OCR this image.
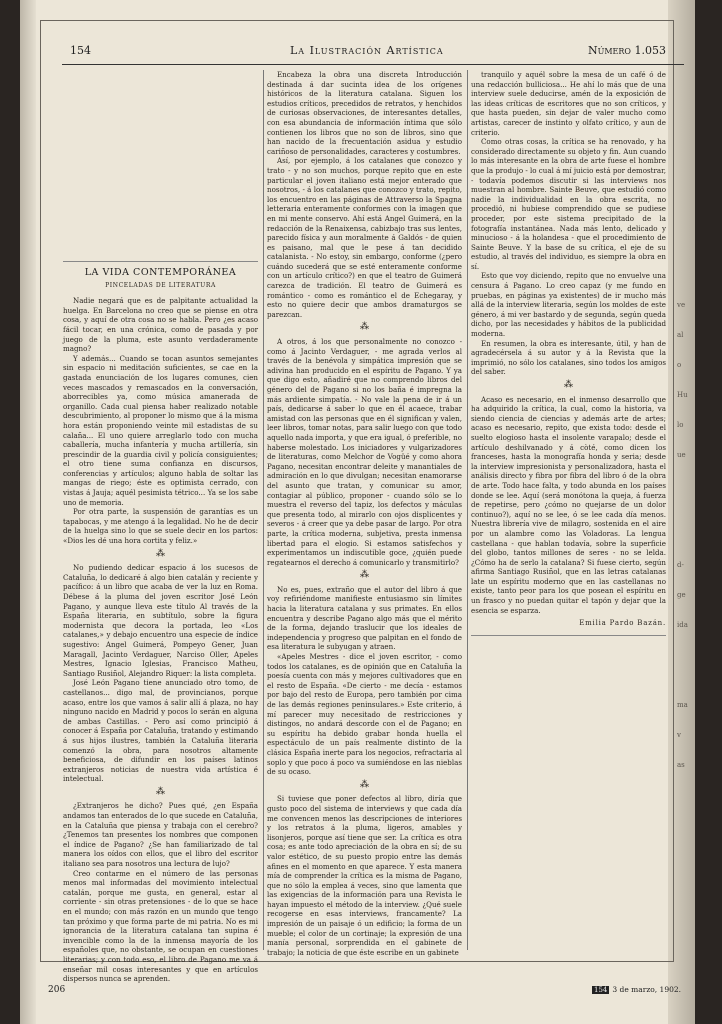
ve
al
o
Hu
lo
ue
d-
ge
ida
ma
v
as
154	La Ilustración Artística	Número 1.053
LA VIDA CONTEMPORÁNEA
PINCELADAS DE LITERATURA

Nadie negará que es de palpitante actualidad la huelga. En Barcelona no creo que se piense en otra cosa, y aquí de otra cosa no se habla. Pero ¿es acaso fácil tocar, en una crónica, como de pasada y por juego de la pluma, este asunto verdaderamente magno?

Y además... Cuando se tocan asuntos semejantes sin espacio ni meditación suficientes, se cae en la gastada enunciación de los lugares comunes, cien veces mascados y remascados en la conversación, aborrecibles ya, como música amanerada de organillo. Cada cual piensa haber realizado notable descubrimiento, al proponer lo mismo que á la misma hora están proponiendo veinte mil estadistas de su calaña... El uno quiere arreglarlo todo con mucha caballería, mucha infantería y mucha artillería, sin prescindir de la guardia civil y policía consiguientes; el otro tiene suma confianza en discursos, conferencias y artículos; alguno habla de soltar las mangas de riego; éste es optimista cerrado, con vistas á Jauja; aquél pesimista tétrico... Ya se los sabe uno de memoria.

Por otra parte, la suspensión de garantías es un tapabocas, y me atengo á la legalidad. No he de decir de la huelga sino lo que se suele decir en los partos: «Dios les dé una hora cortita y feliz.»

⁂

No pudiendo dedicar espacio á los sucesos de Cataluña, lo dedicaré á algo bien catalán y reciente y pacífico: á un libro que acaba de ver la luz en Roma. Débese á la pluma del joven escritor José León Pagano, y aunque lleva este título Al través de la España literaria, en subtítulo, sobre la figura modernista que decora la portada, leo «Los catalanes,» y debajo encuentro una especie de índice sugestivo: Angel Guimerá, Pompeyo Gener, Juan Maragall, Jacinto Verdaguer, Narciso Oller, Apeles Mestres, Ignacio Iglesias, Francisco Matheu, Santiago Rusiñol, Alejandro Riquer: la lista completa.

José León Pagano tiene anunciado otro tomo, de castellanos... digo mal, de provincianos, porque acaso, entre los que vamos á salir allí á plaza, no hay ninguno nacido en Madrid y pocos lo serán en alguna de ambas Castillas. - Pero así como principió á conocer á España por Cataluña, tratando y estimando á sus hijos ilustres, también la Cataluña literaria comenzó la obra, para nosotros altamente beneficiosa, de difundir en los países latinos extranjeros noticias de nuestra vida artística é intelectual.

⁂

¿Extranjeros he dicho? Pues qué, ¿en España andamos tan enterados de lo que sucede en Cataluña, en la Cataluña que piensa y trabaja con el cerebro? ¿Tenemos tan presentes los nombres que componen el índice de Pagano? ¿Se han familiarizado de tal manera los oídos con ellos, que el libro del escritor italiano sea para nosotros una lectura de lujo?

Creo contarme en el número de las personas menos mal informadas del movimiento intelectual catalán, porque me gusta, en general, estar al corriente - sin otras pretensiones - de lo que se hace en el mundo; con más razón en un mundo que tengo tan próximo y que forma parte de mi patria. No es mi ignorancia de la literatura catalana tan supina é invencible como la de la inmensa mayoría de los españoles que, no obstante, se ocupan en cuestiones literarias; y con todo eso, el libro de Pagano me va á enseñar mil cosas interesantes y que en artículos dispersos nunca se aprenden.

Encabeza la obra una discreta Introducción destinada á dar sucinta idea de los orígenes históricos de la literatura catalana. Siguen los estudios críticos, precedidos de retratos, y henchidos de curiosas observaciones, de interesantes detalles, con esa abundancia de información íntima que sólo contienen los libros que no son de libros, sino que han nacido de la frecuentación asidua y estudio cariñoso de personalidades, caracteres y costumbres.

Así, por ejemplo, á los catalanes que conozco y trato - y no son muchos, porque repito que en este particular el joven italiano está mejor enterado que nosotros, - á los catalanes que conozco y trato, repito, los encuentro en las páginas de Attraverso la Spagna letteraria enteramente conformes con la imagen que en mi mente conservo. Ahí está Angel Guimerá, en la redacción de la Renaixensa, cabizbajo tras sus lentes, parecido física y aun moralmente á Galdós - de quien es paisano, mal que le pese á tan decidido catalanista. - No estoy, sin embargo, conforme (¿pero cuándo sucederá que se esté enteramente conforme con un artículo crítico?) en que el teatro de Guimerá carezca de tradición. El teatro de Guimerá es romántico - como es romántico el de Echegaray, y esto no quiere decir que ambos dramaturgos se parezcan.

⁂

A otros, á los que personalmente no conozco - como á Jacinto Verdaguer, - me agrada verlos al través de la benévola y simpática impresión que se adivina han producido en el espíritu de Pagano. Y ya que digo esto, añadiré que no comprendo libros del género del de Pagano si no los baña é impregna la más ardiente simpatía. - No vale la pena de ir á un país, dedicarse á saber lo que en él acaece, trabar amistad con las personas que en él significan y valen, leer libros, tomar notas, para salir luego con que todo aquello nada importa, y que era igual, ó preferible, no haberse molestado. Los iniciadores y vulgarizadores de literaturas, como Melchor de Vogüé y como ahora Pagano, necesitan encontrar deleite y manantiales de admiración en lo que divulgan; necesitan enamorarse del asunto que tratan, y comunicar su amor, contagiar al público, proponer - cuando sólo se lo muestra el reverso del tapiz, los defectos y máculas que presenta todo, al mirarlo con ojos displicentes y severos - á creer que ya debe pasar de largo. Por otra parte, la crítica moderna, subjetiva, presta inmensa libertad para el elogio. Si estamos satisfechos y experimentamos un indiscutible goce, ¿quién puede regatearnos el derecho á comunicarlo y transmitirlo?

⁂

No es, pues, extraño que el autor del libro á que voy refiriéndome manifieste entusiasmo sin límites hacia la literatura catalana y sus primates. En ellos encuentra y describe Pagano algo más que el mérito de la forma, dejando traslucir que los ideales de independencia y progreso que palpitan en el fondo de esa literatura le subyugan y atraen.

«Apeles Mestres - dice el joven escritor, - como todos los catalanes, es de opinión que en Cataluña la poesía cuenta con más y mejores cultivadores que en el resto de España. «De cierto - me decía - estamos por bajo del resto de Europa, pero también por cima de las demás regiones peninsulares.» Este criterio, á mí parecer muy necesitado de restricciones y distingos, no andará descorde con el de Pagano; en su espíritu ha debido grabar honda huella el espectáculo de un país realmente distinto de la clásica España inerte para los negocios, refractaria al soplo y que poco á poco va sumiéndose en las nieblas de su ocaso.

⁂

Si tuviese que poner defectos al libro, diría que gusto poco del sistema de interviews y que cada día me convencen menos las descripciones de interiores y los retratos á la pluma, ligeros, amables y lisonjeros, porque así tiene que ser. La crítica es otra cosa; es ante todo apreciación de la obra en sí; de su valor estético, de su puesto propio entre las demás afines en el momento en que aparece. Y esta manera mía de comprender la crítica es la misma de Pagano, que no sólo la emplea á veces, sino que lamenta que las exigencias de la información para una Revista le hayan impuesto el método de la interview. ¿Qué suele recogerse en esas interviews, francamente? La impresión de un paisaje ó un edificio; la forma de un mueble; el color de un cortinaje; la expresión de una manía personal, sorprendida en el gabinete de trabajo; la noticia de que éste escribe en un gabinete

tranquilo y aquél sobre la mesa de un café ó de una redacción bulliciosa... He ahí lo más que de una interview suele deducirse, amén de la exposición de las ideas críticas de escritores que no son críticos, y que hasta pueden, sin dejar de valer mucho como artistas, carecer de instinto y olfato crítico, y aun de criterio.

Como otras cosas, la crítica se ha renovado, y ha considerado directamente su objeto y fin. Aun cuando lo más interesante en la obra de arte fuese el hombre que la produjo - lo cual á mí juicio está por demostrar, - todavía podemos discutir si las interviews nos muestran al hombre. Sainte Beuve, que estudió como nadie la individualidad en la obra escrita, no procedió, ni hubiese comprendido que se pudiese proceder, por este sistema precipitado de la fotografía instantánea. Nada más lento, delicado y minucioso - á la holandesa - que el procedimiento de Sainte Beuve. Y la base de su crítica, el eje de su estudio, al través del individuo, es siempre la obra en sí.

Esto que voy diciendo, repito que no envuelve una censura á Pagano. Lo creo capaz (y me fundo en pruebas, en páginas ya existentes) de ir mucho más allá de la interview literaria, según los moldes de este género, á mi ver bastardo y de segunda, según queda dicho, por las necesidades y hábitos de la publicidad moderna.

En resumen, la obra es interesante, útil, y han de agradecérsela á su autor y á la Revista que la imprimió, no sólo los catalanes, sino todos los amigos del saber.

⁂

Acaso es necesario, en el inmenso desarrollo que ha adquirido la crítica, la cual, como la historia, va siendo ciencia de ciencias y además arte de artes; acaso es necesario, repito, que exista todo: desde el suelto elogioso hasta el insolente varapalo; desde el artículo deshilvanado y á còté, como dicen los franceses, hasta la monografía honda y seria; desde la interview impresionista y personalizadora, hasta el análisis directo y fibra por fibra del libro ó de la obra de arte. Todo hace falta, y todo abunda en los países donde se lee. Aquí (será monótona la queja, á fuerza de repetirse, pero ¿cómo no quejarse de un dolor continuo?), aquí no se lee, ó se lee cada día menos. Nuestra librería vive de milagro, sostenida en el aire por un alambre como las Voladoras. La lengua castellana - que hablan todavía, sobre la superficie del globo, tantos millones de seres - no se lelda. ¿Cómo ha de serlo la catalana? Si fuese cierto, según afirma Santiago Rusiñol, que en las letras catalanas late un espíritu moderno que en las castellanas no existe, tanto peor para los que posean el espíritu en un frasco y no puedan quitar el tapón y dejar que la esencia se esparza.

Emilia Pardo Bazán.
206	154 3 de marzo, 1902.
